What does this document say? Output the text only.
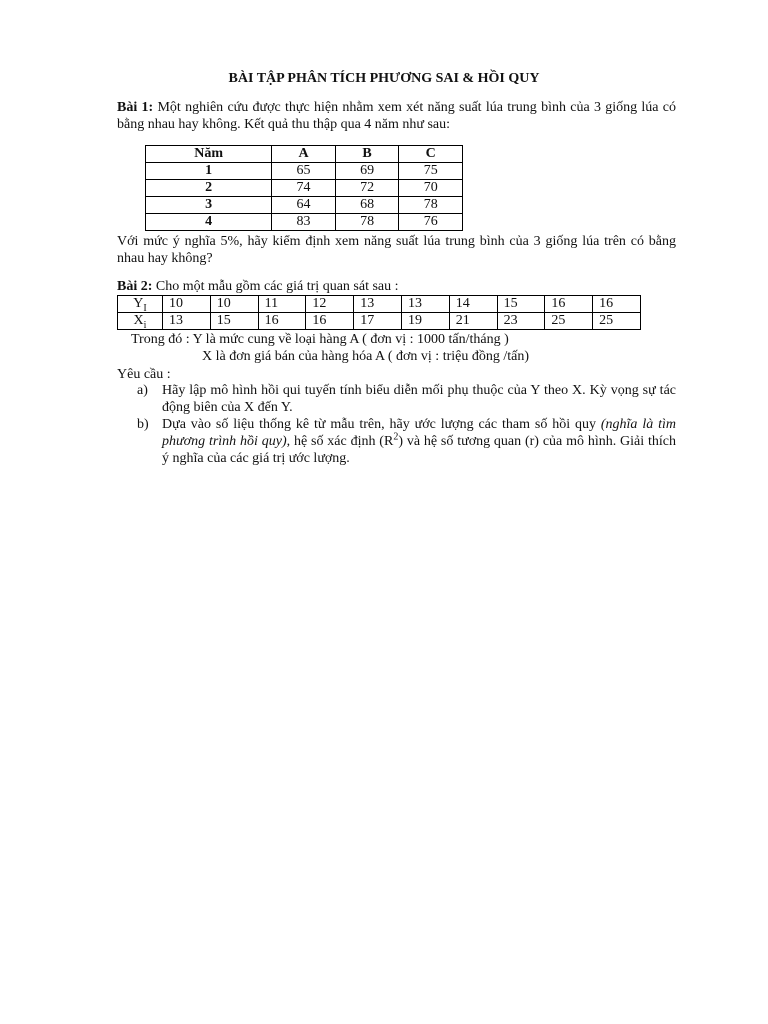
BÀI TẬP PHÂN TÍCH PHƯƠNG SAI & HỒI QUY
Bài 1: Một nghiên cứu được thực hiện nhằm xem xét năng suất lúa trung bình của 3 giống lúa có bằng nhau hay không. Kết quả thu thập qua 4 năm như sau:
Năm	A	B	C
1	65	69	75
2	74	72	70
3	64	68	78
4	83	78	76
Với mức ý nghĩa 5%, hãy kiểm định xem năng suất lúa trung bình của 3 giống lúa trên có bằng nhau hay không?
Bài 2: Cho một mẫu gồm các giá trị quan sát sau :
$Y_I$	10	10	11	12	13	13	14	15	16	16
$X_i$	13	15	16	16	17	19	21	23	25	25
Trong đó : Y là mức cung về loại hàng A ( đơn vị : 1000 tấn/tháng )
X là đơn giá bán của hàng hóa A ( đơn vị : triệu đồng /tấn)
Yêu cầu :
a) Hãy lập mô hình hồi qui tuyến tính biểu diễn mối phụ thuộc của Y theo X. Kỳ vọng sự tác động biên của X đến Y.
b) Dựa vào số liệu thống kê từ mẫu trên, hãy ước lượng các tham số hồi quy (nghĩa là tìm phương trình hồi quy), hệ số xác định $(R^2)$ và hệ số tương quan (r) của mô hình. Giải thích ý nghĩa của các giá trị ước lượng.
